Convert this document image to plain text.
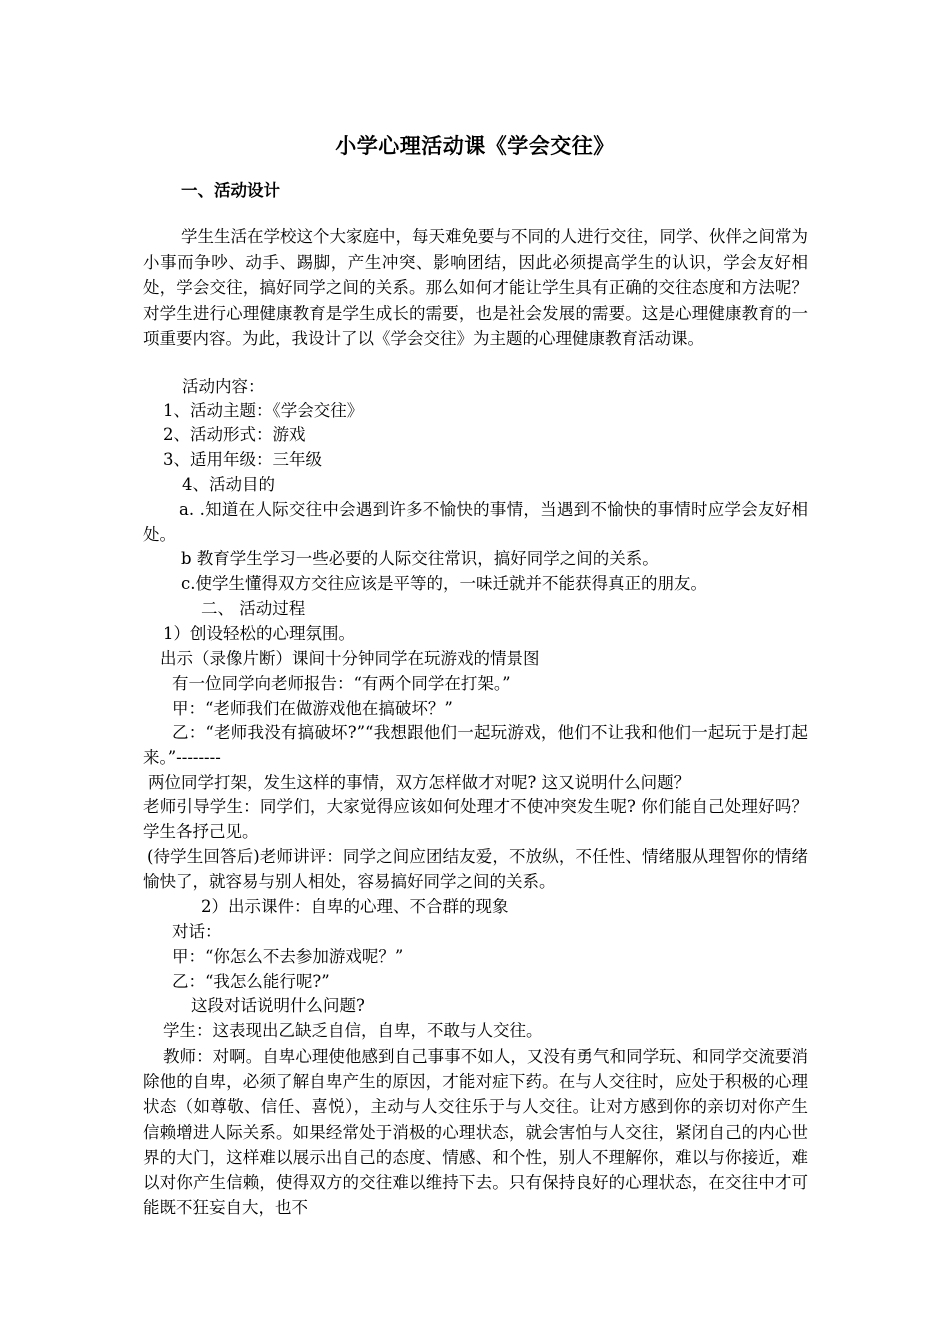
小学心理活动课《学会交往》
一、活动设计

学生生活在学校这个大家庭中，每天难免要与不同的人进行交往，同学、伙伴之间常为小事而争吵、动手、踢脚，产生冲突、影响团结，因此必须提高学生的认识，学会友好相处，学会交往，搞好同学之间的关系。那么如何才能让学生具有正确的交往态度和方法呢？对学生进行心理健康教育是学生成长的需要，也是社会发展的需要。这是心理健康教育的一项重要内容。为此，我设计了以《学会交往》为主题的心理健康教育活动课。

活动内容：

1、活动主题：《学会交往》

2、活动形式：游戏

3、适用年级：三年级

4、活动目的

a. .知道在人际交往中会遇到许多不愉快的事情，当遇到不愉快的事情时应学会友好相处。

b 教育学生学习一些必要的人际交往常识，搞好同学之间的关系。

c.使学生懂得双方交往应该是平等的，一味迁就并不能获得真正的朋友。

二、 活动过程

1）创设轻松的心理氛围。

出示（录像片断）课间十分钟同学在玩游戏的情景图

有一位同学向老师报告：“有两个同学在打架。”

甲：“老师我们在做游戏他在搞破坏？”

乙：“老师我没有搞破坏?”“我想跟他们一起玩游戏，他们不让我和他们一起玩于是打起来。”--------

两位同学打架，发生这样的事情，双方怎样做才对呢? 这又说明什么问题？

老师引导学生：同学们，大家觉得应该如何处理才不使冲突发生呢? 你们能自己处理好吗？学生各抒己见。

(待学生回答后)老师讲评：同学之间应团结友爱，不放纵，不任性、情绪服从理智你的情绪愉快了，就容易与别人相处，容易搞好同学之间的关系。

2）出示课件：自卑的心理、不合群的现象

对话：

甲：“你怎么不去参加游戏呢？”

乙：“我怎么能行呢?”

这段对话说明什么问题?

学生：这表现出乙缺乏自信，自卑，不敢与人交往。

教师：对啊。自卑心理使他感到自己事事不如人，又没有勇气和同学玩、和同学交流要消除他的自卑，必须了解自卑产生的原因，才能对症下药。在与人交往时，应处于积极的心理状态（如尊敬、信任、喜悦），主动与人交往乐于与人交往。让对方感到你的亲切对你产生信赖增进人际关系。如果经常处于消极的心理状态，就会害怕与人交往，紧闭自己的内心世界的大门，这样难以展示出自己的态度、情感、和个性，别人不理解你，难以与你接近，难以对你产生信赖，使得双方的交往难以维持下去。只有保持良好的心理状态，在交往中才可能既不狂妄自大，也不
